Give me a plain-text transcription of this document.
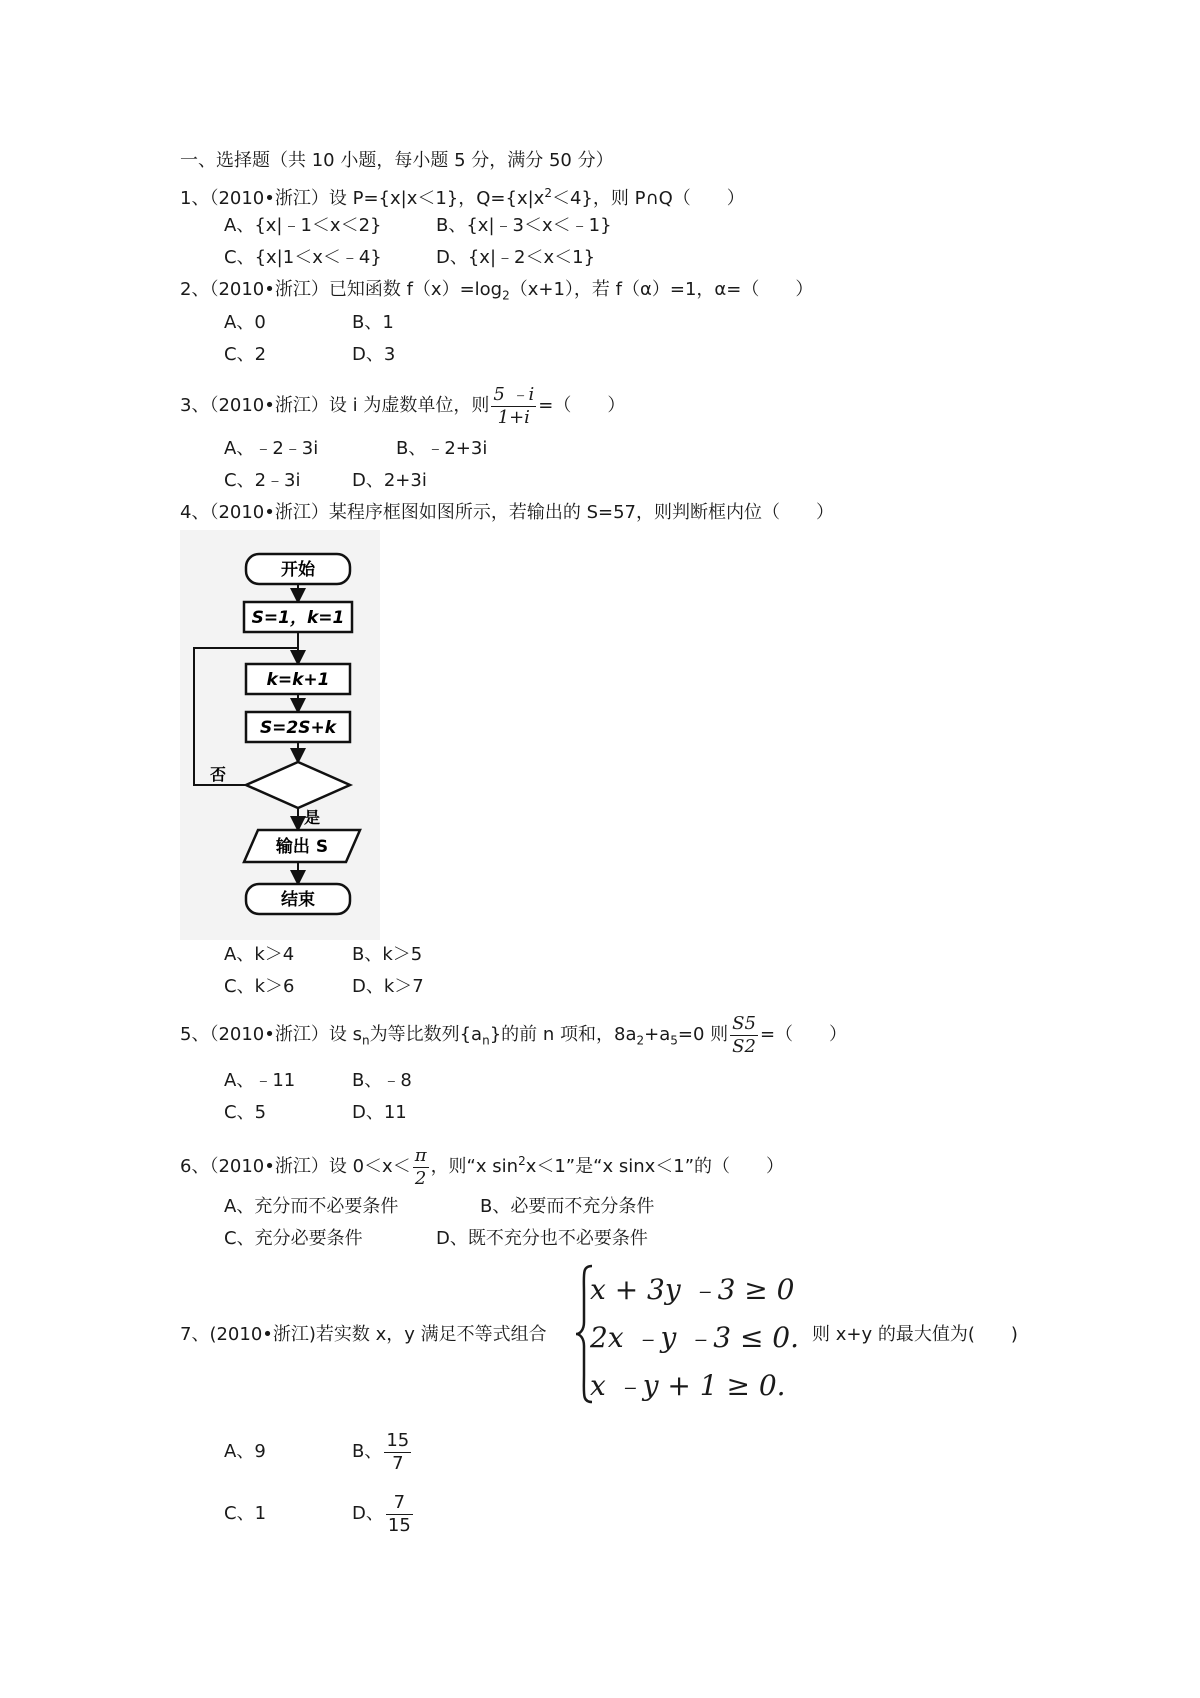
一、选择题（共 10 小题，每小题 5 分，满分 50 分）
1、（2010•浙江）设 P={x|x＜1}，$Q=\{x|x^2<4\}$，则 P∩Q（　　）
A、{x|﹣1＜x＜2}	B、{x|﹣3＜x＜﹣1}
C、{x|1＜x＜﹣4}	D、{x|﹣2＜x＜1}
2、（2010•浙江）已知函数 $f(x)=\log_2(x+1)$，若 f（α）=1，α=（　　）
A、0	B、1
C、2	D、3
3、（2010•浙江）设 i 为虚数单位，则 $\frac{5 ﹣i}{1+i}$ =（　　）
A、﹣2﹣3i	B、﹣2+3i
C、2﹣3i	D、2+3i
4、（2010•浙江）某程序框图如图所示，若输出的 S=57，则判断框内位（　　）
开始
S=1，k=1
k=k+1
S=2S+k
否
是
输出 S
结束
A、k＞4	B、k＞5
C、k＞6	D、k＞7
5、（2010•浙江）设 $s_n$为等比数列$\{a_n\}$的前 n 项和，$8a_2+a_5=0$ 则 $\frac{S5}{S2}$ =（　　）
A、﹣11	B、﹣8
C、5	D、11
6、（2010•浙江）设 $0<x< \frac{\pi}{2}$ ，则“x $\sin^2x<1$”是“x sinx＜1”的（　　）
A、充分而不必要条件	B、必要而不充分条件
C、充分必要条件	D、既不充分也不必要条件
7、(2010•浙江)若实数 x，y 满足不等式组合
x + 3y ﹣3 ≥ 0
2x ﹣y ﹣3 ≤ 0.
x ﹣y + 1 ≥ 0.
则 x+y 的最大值为(　　)
A、9	B、 $\frac{15}{7}$
C、1	D、 $\frac{7}{15}$
